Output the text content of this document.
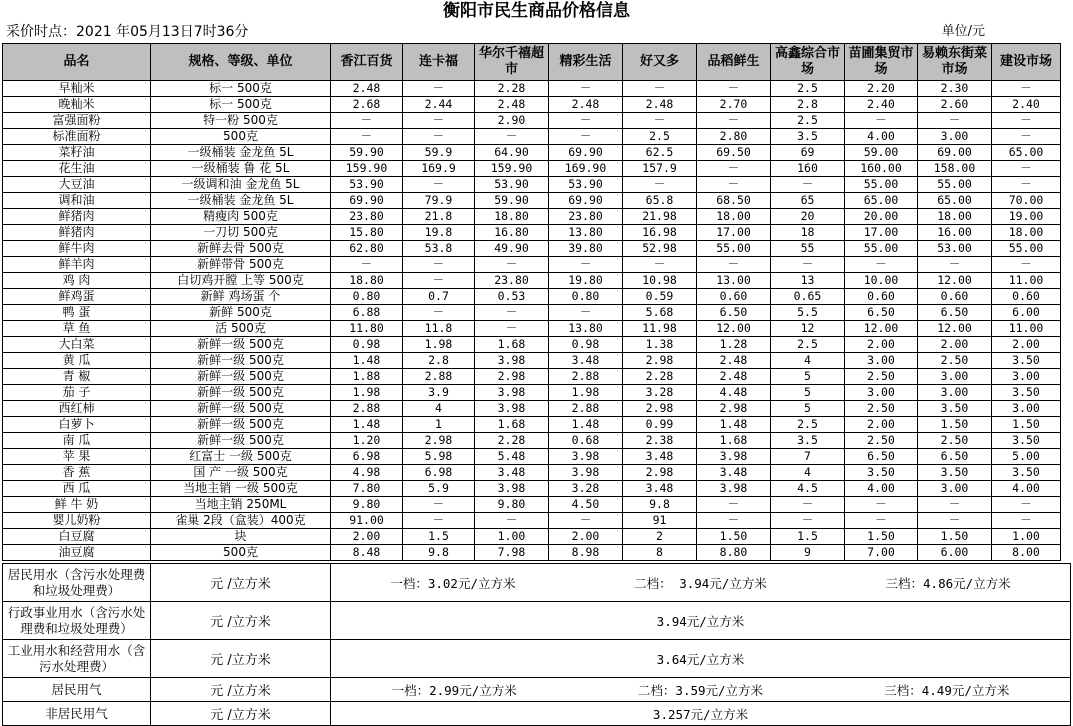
衡阳市民生商品价格信息
采价时点：2021 年05月13日7时36分	单位/元
品名	规格、等级、单位	香江百货	连卡福	华尔千禧超 市	精彩生活	好又多	品稻鲜生	高鑫综合市 场	苗圃集贸市 场	易赖东街菜市场	建设市场
早籼米	标一 500克	2.48	－	2.28	－	－	－	2.5	2.20	2.30	－
晚籼米	标一 500克	2.68	2.44	2.48	2.48	2.48	2.70	2.8	2.40	2.60	2.40
富强面粉	特一粉 500克	－	－	2.90	－	－	－	2.5	－	－	－
标准面粉	500克	－	－	－	－	2.5	2.80	3.5	4.00	3.00	－
菜籽油	一级桶装 金龙鱼 5L	59.90	59.9	64.90	69.90	62.5	69.50	69	59.00	69.00	65.00
花生油	一级桶装 鲁 花 5L	159.90	169.9	159.90	169.90	157.9	－	160	160.00	158.00	－
大豆油	一级调和油 金龙鱼 5L	53.90	－	53.90	53.90	－	－	－	55.00	55.00	－
调和油	一级桶装 金龙鱼 5L	69.90	79.9	59.90	69.90	65.8	68.50	65	65.00	65.00	70.00
鲜猪肉	精瘦肉 500克	23.80	21.8	18.80	23.80	21.98	18.00	20	20.00	18.00	19.00
鲜猪肉	一刀切 500克	15.80	19.8	16.80	13.80	16.98	17.00	18	17.00	16.00	18.00
鲜牛肉	新鲜去骨 500克	62.80	53.8	49.90	39.80	52.98	55.00	55	55.00	53.00	55.00
鲜羊肉	新鲜带骨 500克	－	－	－	－	－	－	－	－	－	－
鸡 肉	白切鸡开膛 上等 500克	18.80	－	23.80	19.80	10.98	13.00	13	10.00	12.00	11.00
鲜鸡蛋	新鲜 鸡场蛋 个	0.80	0.7	0.53	0.80	0.59	0.60	0.65	0.60	0.60	0.60
鸭 蛋	新鲜 500克	6.88	－	－	－	5.68	6.50	5.5	6.50	6.50	6.00
草 鱼	活 500克	11.80	11.8	－	13.80	11.98	12.00	12	12.00	12.00	11.00
大白菜	新鲜一级 500克	0.98	1.98	1.68	0.98	1.38	1.28	2.5	2.00	2.00	2.00
黄 瓜	新鲜一级 500克	1.48	2.8	3.98	3.48	2.98	2.48	4	3.00	2.50	3.50
青 椒	新鲜一级 500克	1.88	2.88	2.98	2.88	2.28	2.48	5	2.50	3.00	3.00
茄 子	新鲜一级 500克	1.98	3.9	3.98	1.98	3.28	4.48	5	3.00	3.00	3.50
西红柿	新鲜一级 500克	2.88	4	3.98	2.88	2.98	2.98	5	2.50	3.50	3.00
白萝卜	新鲜一级 500克	1.48	1	1.68	1.48	0.99	1.48	2.5	2.00	1.50	1.50
南 瓜	新鲜一级 500克	1.20	2.98	2.28	0.68	2.38	1.68	3.5	2.50	2.50	3.50
苹 果	红富士 一级 500克	6.98	5.98	5.48	3.98	3.48	3.98	7	6.50	6.50	5.00
香 蕉	国 产 一级 500克	4.98	6.98	3.48	3.98	2.98	3.48	4	3.50	3.50	3.50
西 瓜	当地主销 一级 500克	7.80	5.9	3.98	3.28	3.48	3.98	4.5	4.00	3.00	4.00
鲜 牛 奶	当地主销 250ML	9.80	－	9.80	4.50	9.8	－	－	－	－	－
婴儿奶粉	雀巢 2段（盒装）400克	91.00	－	－	－	91	－	－	－	－	－
白豆腐	块	2.00	1.5	1.00	2.00	2	1.50	1.5	1.50	1.50	1.00
油豆腐	500克	8.48	9.8	7.98	8.98	8	8.80	9	7.00	6.00	8.00
居民用水（含污水处理费和垃圾处理费）	元 /立方米	一档：3.02元/立方米 二档： 3.94元/立方米 三档：4.86元/立方米

行政事业用水（含污水处理费和垃圾处理费）	元 /立方米	3.94元/立方米
工业用水和经营用水（含污水处理费）	元 /立方米	3.64元/立方米
居民用气	元 /立方米	一档：2.99元/立方米 二档：3.59元/立方米 三档：4.49元/立方米

非居民用气	元 /立方米	3.257元/立方米
